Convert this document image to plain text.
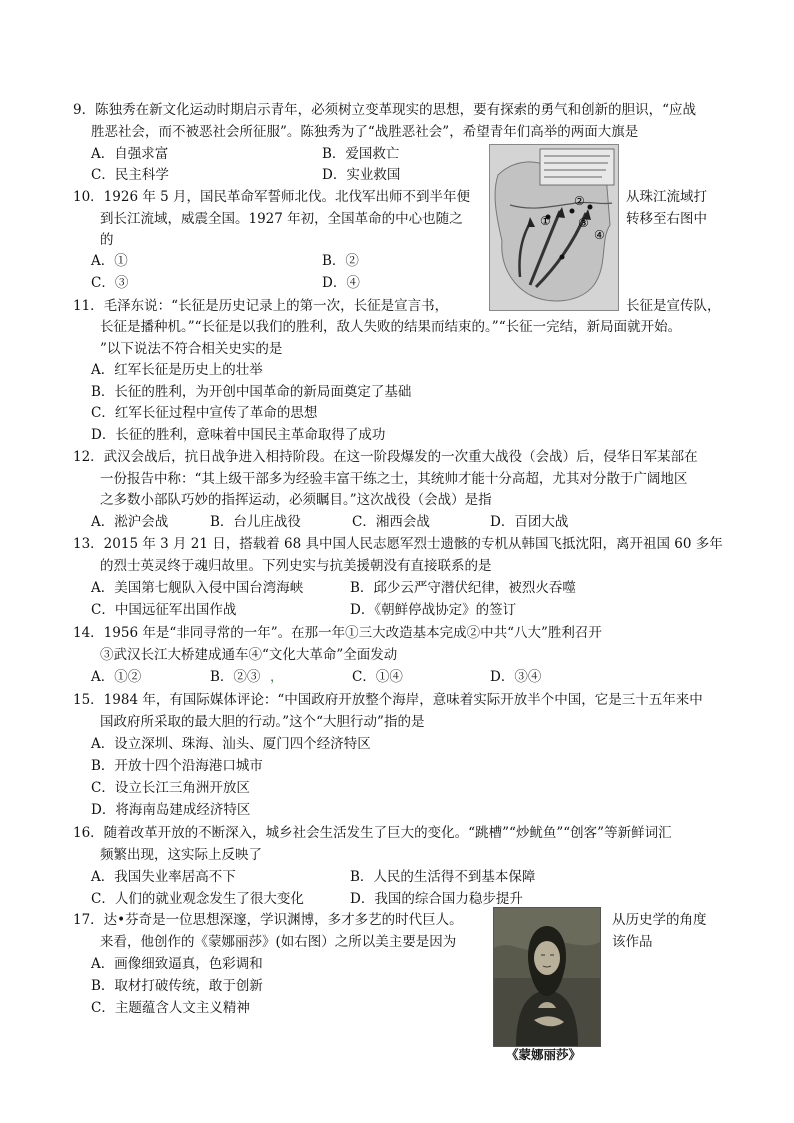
9．陈独秀在新文化运动时期启示青年，必须树立变革现实的思想，要有探索的勇气和创新的胆识，“应战
胜恶社会，而不被恶社会所征服”。陈独秀为了“战胜恶社会”，希望青年们高举的两面大旗是
A．自强求富	B．爱国救亡
C．民主科学	D．实业救国
①
②
③
④
10．1926 年 5 月，国民革命军誓师北伐。北伐军出师不到半年便	从珠江流域打
到长江流域，威震全国。1927 年初，全国革命的中心也随之	转移至右图中
的
A．①	B．②
C．③	D．④
11．毛泽东说：“长征是历史记录上的第一次，长征是宣言书，	长征是宣传队，
长征是播种机。”“长征是以我们的胜利，敌人失败的结果而结束的。”“长征一完结，新局面就开始。
”以下说法不符合相关史实的是
A．红军长征是历史上的壮举
B．长征的胜利，为开创中国革命的新局面奠定了基础
C．红军长征过程中宣传了革命的思想
D．长征的胜利，意味着中国民主革命取得了成功
12．武汉会战后，抗日战争进入相持阶段。在这一阶段爆发的一次重大战役（会战）后，侵华日军某部在
一份报告中称：“其上级干部多为经验丰富干练之士，其统帅才能十分高超，尤其对分散于广阔地区
之多数小部队巧妙的指挥运动，必须瞩目。”这次战役（会战）是指
A．淞沪会战	B．台儿庄战役	C．湘西会战	D．百团大战
13．2015 年 3 月 21 日，搭载着 68 具中国人民志愿军烈士遗骸的专机从韩国飞抵沈阳，离开祖国 60 多年
的烈士英灵终于魂归故里。下列史实与抗美援朝没有直接联系的是
A．美国第七舰队入侵中国台湾海峡	B．邱少云严守潜伏纪律，被烈火吞噬
C．中国远征军出国作战	D．《朝鲜停战协定》的签订
14．1956 年是“非同寻常的一年”。在那一年①三大改造基本完成②中共“八大”胜利召开
③武汉长江大桥建成通车④“文化大革命”全面发动
A．①②	B．②③ ，	C．①④	D．③④
15．1984 年，有国际媒体评论：“中国政府开放整个海岸，意味着实际开放半个中国，它是三十五年来中
国政府所采取的最大胆的行动。”这个“大胆行动”指的是
A．设立深圳、珠海、汕头、厦门四个经济特区
B．开放十四个沿海港口城市
C．设立长江三角洲开放区
D．将海南岛建成经济特区
16．随着改革开放的不断深入，城乡社会生活发生了巨大的变化。“跳槽”“炒鱿鱼”“创客”等新鲜词汇
频繁出现，这实际上反映了
A．我国失业率居高不下	B．人民的生活得不到基本保障
C．人们的就业观念发生了很大变化	D．我国的综合国力稳步提升
17．达•芬奇是一位思想深邃，学识渊博，多才多艺的时代巨人。	从历史学的角度
来看，他创作的《蒙娜丽莎》(如右图）之所以美主要是因为	该作品
A．画像细致逼真，色彩调和
B．取材打破传统，敢于创新
C．主题蕴含人文主义精神
《蒙娜丽莎》
